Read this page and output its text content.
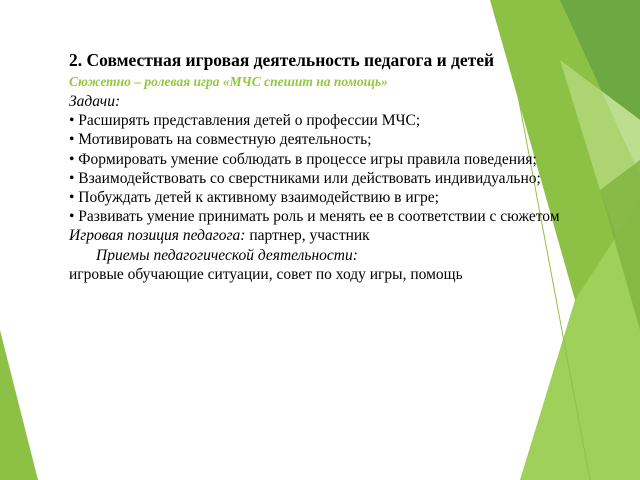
2. Совместная игровая деятельность педагога и детей
Сюжетно – ролевая игра «МЧС спешит на помощь»
Задачи:
• Расширять представления детей о профессии МЧС;
• Мотивировать на совместную деятельность;
• Формировать умение соблюдать в процессе игры правила поведения;
• Взаимодействовать со сверстниками или действовать индивидуально;
• Побуждать детей к активному взаимодействию в игре;
• Развивать умение принимать роль и менять ее в соответствии с сюжетом
Игровая позиция педагога: партнер, участник
Приемы педагогической деятельности:
игровые обучающие ситуации, совет по ходу игры, помощь
